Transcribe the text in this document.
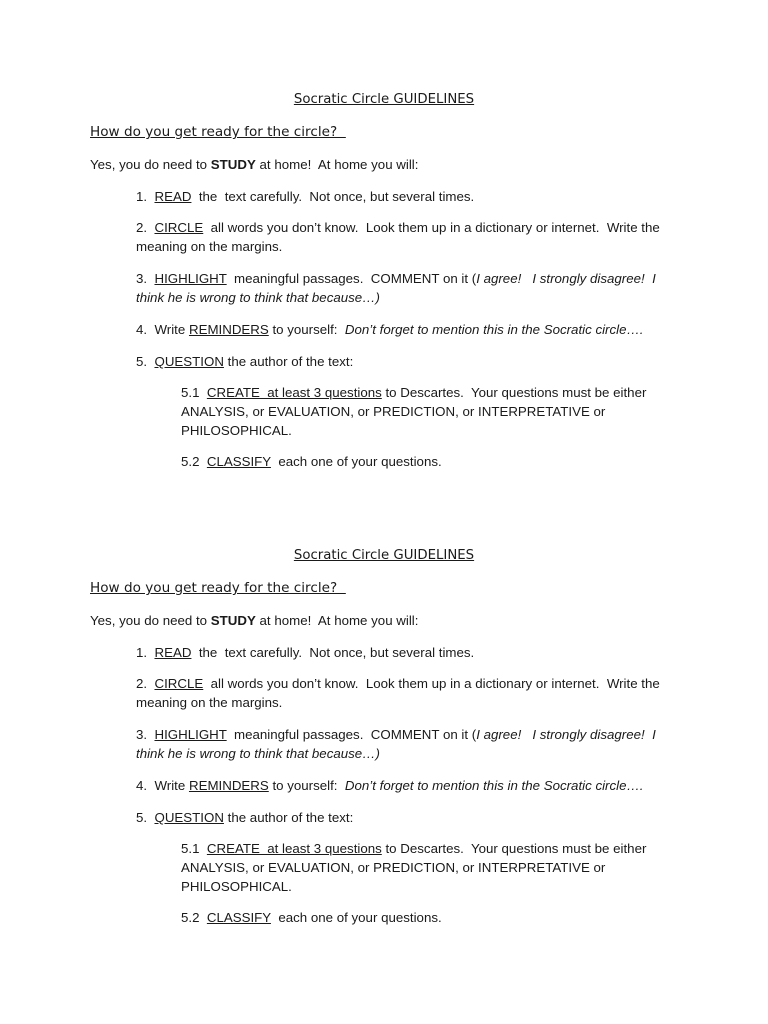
Socratic Circle GUIDELINES
How do you get ready for the circle?
Yes, you do need to STUDY at home!  At home you will:
1.  READ  the  text carefully.  Not once, but several times.
2.  CIRCLE  all words you don’t know.  Look them up in a dictionary or internet.  Write the meaning on the margins.
3.  HIGHLIGHT  meaningful passages.  COMMENT on it (I agree!   I strongly disagree!  I think he is wrong to think that because…)
4.  Write REMINDERS to yourself:  Don’t forget to mention this in the Socratic circle….
5.  QUESTION the author of the text:
5.1  CREATE  at least 3 questions to Descartes.  Your questions must be either ANALYSIS, or EVALUATION, or PREDICTION, or INTERPRETATIVE or PHILOSOPHICAL.
5.2  CLASSIFY  each one of your questions.
Socratic Circle GUIDELINES
How do you get ready for the circle?
Yes, you do need to STUDY at home!  At home you will:
1.  READ  the  text carefully.  Not once, but several times.
2.  CIRCLE  all words you don’t know.  Look them up in a dictionary or internet.  Write the meaning on the margins.
3.  HIGHLIGHT  meaningful passages.  COMMENT on it (I agree!   I strongly disagree!  I think he is wrong to think that because…)
4.  Write REMINDERS to yourself:  Don’t forget to mention this in the Socratic circle….
5.  QUESTION the author of the text:
5.1  CREATE  at least 3 questions to Descartes.  Your questions must be either ANALYSIS, or EVALUATION, or PREDICTION, or INTERPRETATIVE or PHILOSOPHICAL.
5.2  CLASSIFY  each one of your questions.
